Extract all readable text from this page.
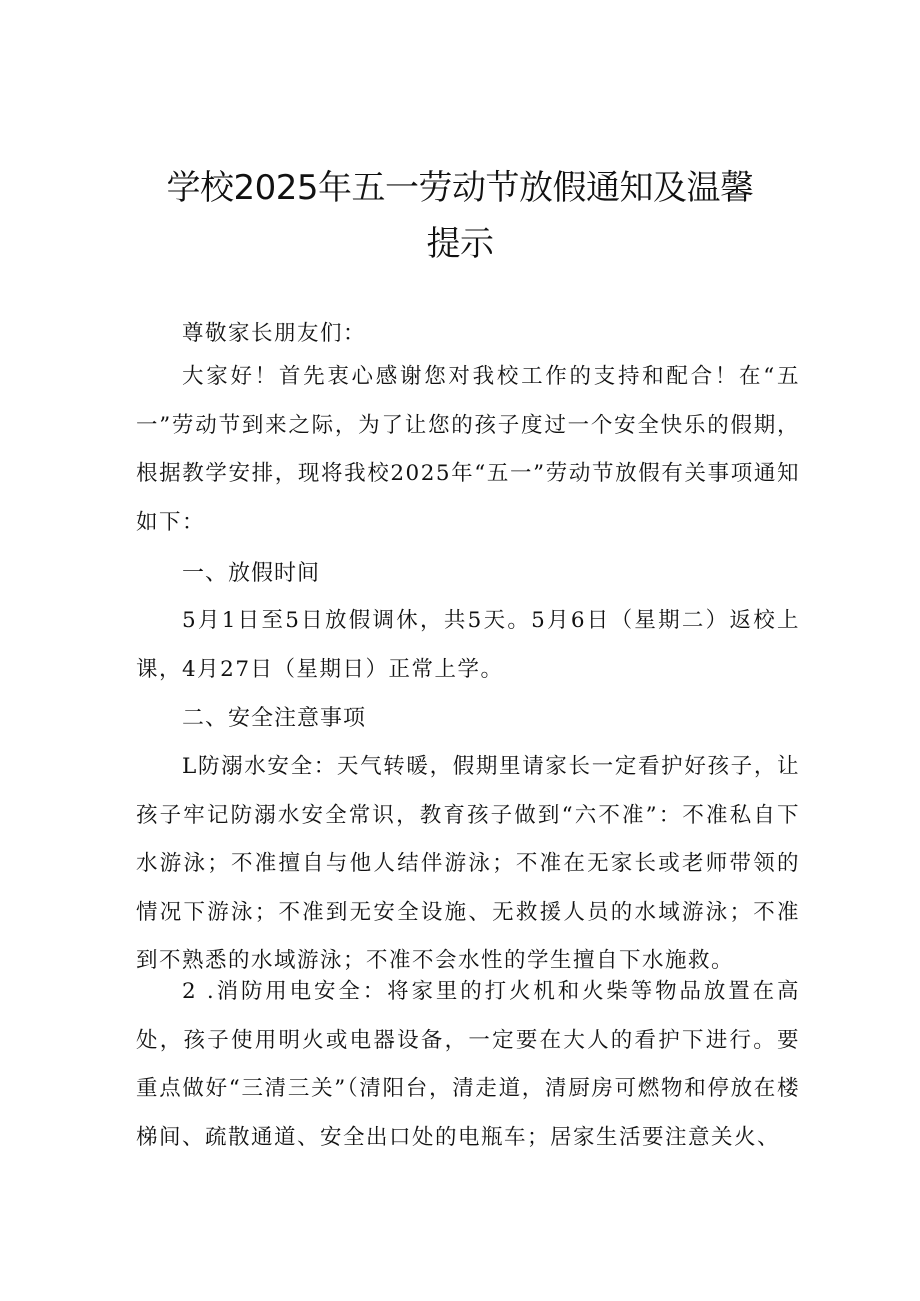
学校2025年五一劳动节放假通知及温馨提示

尊敬家长朋友们：

大家好！首先衷心感谢您对我校工作的支持和配合！在“五一”劳动节到来之际，为了让您的孩子度过一个安全快乐的假期，根据教学安排，现将我校2025年“五一”劳动节放假有关事项通知如下：

一、放假时间

5月1日至5日放假调休，共5天。5月6日（星期二）返校上课，4月27日（星期日）正常上学。

二、安全注意事项

L防溺水安全：天气转暖，假期里请家长一定看护好孩子，让孩子牢记防溺水安全常识，教育孩子做到“六不准”：不准私自下水游泳；不准擅自与他人结伴游泳；不准在无家长或老师带领的情况下游泳；不准到无安全设施、无救援人员的水域游泳；不准到不熟悉的水域游泳；不准不会水性的学生擅自下水施救。

2 .消防用电安全：将家里的打火机和火柴等物品放置在高处，孩子使用明火或电器设备，一定要在大人的看护下进行。要重点做好“三清三关”（清阳台，清走道，清厨房可燃物和停放在楼梯间、疏散通道、安全出口处的电瓶车；居家生活要注意关火、
